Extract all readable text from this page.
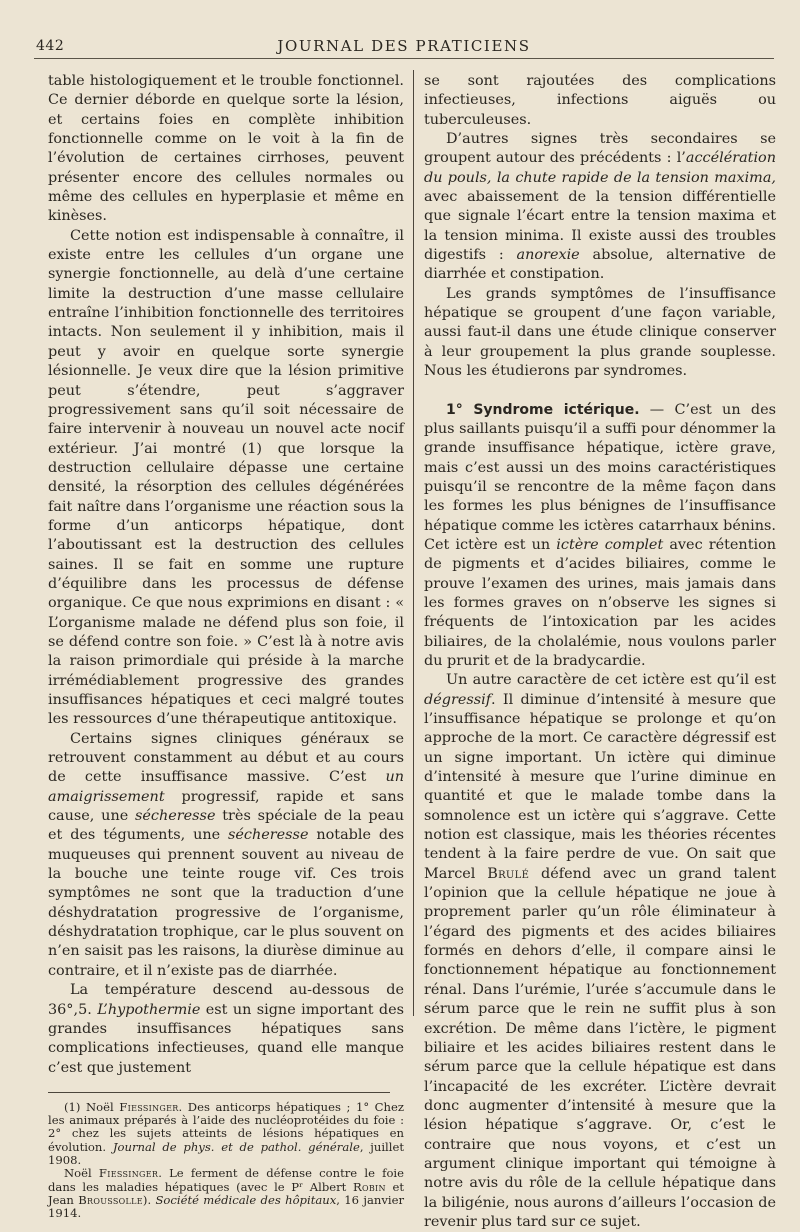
442	JOURNAL DES PRATICIENS

table histologiquement et le trouble fonctionnel. Ce dernier déborde en quelque sorte la lésion, et certains foies en complète inhibition fonctionnelle comme on le voit à la fin de l’évolution de certaines cirrhoses, peuvent présenter encore des cellules normales ou même des cellules en hyperplasie et même en kinèses.

Cette notion est indispensable à connaître, il existe entre les cellules d’un organe une synergie fonctionnelle, au delà d’une certaine limite la destruction d’une masse cellulaire entraîne l’inhibition fonctionnelle des territoires intacts. Non seulement il y inhibition, mais il peut y avoir en quelque sorte synergie lésionnelle. Je veux dire que la lésion primitive peut s’étendre, peut s’aggraver progressivement sans qu’il soit nécessaire de faire intervenir à nouveau un nouvel acte nocif extérieur. J’ai montré (1) que lorsque la destruction cellulaire dépasse une certaine densité, la résorption des cellules dégénérées fait naître dans l’organisme une réaction sous la forme d’un anticorps hépatique, dont l’aboutissant est la destruction des cellules saines. Il se fait en somme une rupture d’équilibre dans les processus de défense organique. Ce que nous exprimions en disant : « L’organisme malade ne défend plus son foie, il se défend contre son foie. » C’est là à notre avis la raison primordiale qui préside à la marche irrémédiablement progressive des grandes insuffisances hépatiques et ceci malgré toutes les ressources d’une thérapeutique antitoxique.

Certains signes cliniques généraux se retrouvent constamment au début et au cours de cette insuffisance massive. C’est un amaigrissement progressif, rapide et sans cause, une sécheresse très spéciale de la peau et des téguments, une sécheresse notable des muqueuses qui prennent souvent au niveau de la bouche une teinte rouge vif. Ces trois symptômes ne sont que la traduction d’une déshydratation progressive de l’organisme, déshydratation trophique, car le plus souvent on n’en saisit pas les raisons, la diurèse diminue au contraire, et il n’existe pas de diarrhée.

La température descend au-dessous de 36°,5. L’hypothermie est un signe important des grandes insuffisances hépatiques sans complications infectieuses, quand elle manque c’est que justement

(1) Noël Fiessinger. Des anticorps hépatiques ; 1° Chez les animaux préparés à l’aide des nucléoprotéides du foie : 2° chez les sujets atteints de lésions hépatiques en évolution. Journal de phys. et de pathol. générale, juillet 1908.

Noël Fiessinger. Le ferment de défense contre le foie dans les maladies hépatiques (avec le Pʳ Albert Robin et Jean Broussolle). Société médicale des hôpitaux, 16 janvier 1914.

se sont rajoutées des complications infectieuses, infections aiguës ou tuberculeuses.

D’autres signes très secondaires se groupent autour des précédents : l’accélération du pouls, la chute rapide de la tension maxima, avec abaissement de la tension différentielle que signale l’écart entre la tension maxima et la tension minima. Il existe aussi des troubles digestifs : anorexie absolue, alternative de diarrhée et constipation.

Les grands symptômes de l’insuffisance hépatique se groupent d’une façon variable, aussi faut-il dans une étude clinique conserver à leur groupement la plus grande souplesse. Nous les étudierons par syndromes.

1° Syndrome ictérique. — C’est un des plus saillants puisqu’il a suffi pour dénommer la grande insuffisance hépatique, ictère grave, mais c’est aussi un des moins caractéristiques puisqu’il se rencontre de la même façon dans les formes les plus bénignes de l’insuffisance hépatique comme les ictères catarrhaux bénins. Cet ictère est un ictère complet avec rétention de pigments et d’acides biliaires, comme le prouve l’examen des urines, mais jamais dans les formes graves on n’observe les signes si fréquents de l’intoxication par les acides biliaires, de la cholalémie, nous voulons parler du prurit et de la bradycardie.

Un autre caractère de cet ictère est qu’il est dégressif. Il diminue d’intensité à mesure que l’insuffisance hépatique se prolonge et qu’on approche de la mort. Ce caractère dégressif est un signe important. Un ictère qui diminue d’intensité à mesure que l’urine diminue en quantité et que le malade tombe dans la somnolence est un ictère qui s’aggrave. Cette notion est classique, mais les théories récentes tendent à la faire perdre de vue. On sait que Marcel Brulé défend avec un grand talent l’opinion que la cellule hépatique ne joue à proprement parler qu’un rôle éliminateur à l’égard des pigments et des acides biliaires formés en dehors d’elle, il compare ainsi le fonctionnement hépatique au fonctionnement rénal. Dans l’urémie, l’urée s’accumule dans le sérum parce que le rein ne suffit plus à son excrétion. De même dans l’ictère, le pigment biliaire et les acides biliaires restent dans le sérum parce que la cellule hépatique est dans l’incapacité de les excréter. L’ictère devrait donc augmenter d’intensité à mesure que la lésion hépatique s’aggrave. Or, c’est le contraire que nous voyons, et c’est un argument clinique important qui témoigne à notre avis du rôle de la cellule hépatique dans la biligénie, nous aurons d’ailleurs l’occasion de revenir plus tard sur ce sujet.
